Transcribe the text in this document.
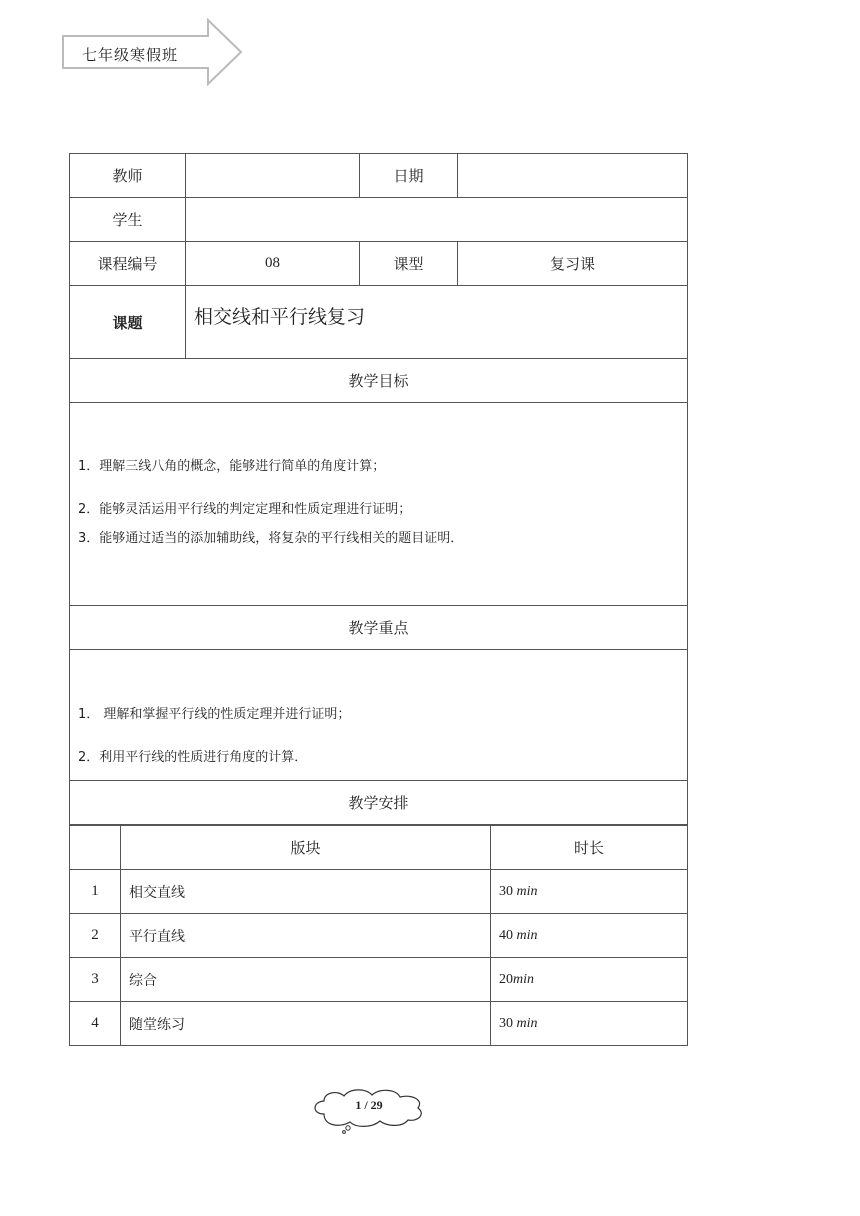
七年级寒假班
教师		日期	
学生			
课程编号	08	课型	复习课
课题	相交线和平行线复习		
教学目标			

1．理解三线八角的概念，能够进行简单的角度计算；

2．能够灵活运用平行线的判定定理和性质定理进行证明；

3．能够通过适当的添加辅助线，将复杂的平行线相关的题目证明．			

教学重点			

1． 理解和掌握平行线的性质定理并进行证明；

2．利用平行线的性质进行角度的计算．			

教学安排			
	版块	时长
1	相交直线	30 min
2	平行直线	40 min
3	综合	20min
4	随堂练习	30 min
1 / 29
